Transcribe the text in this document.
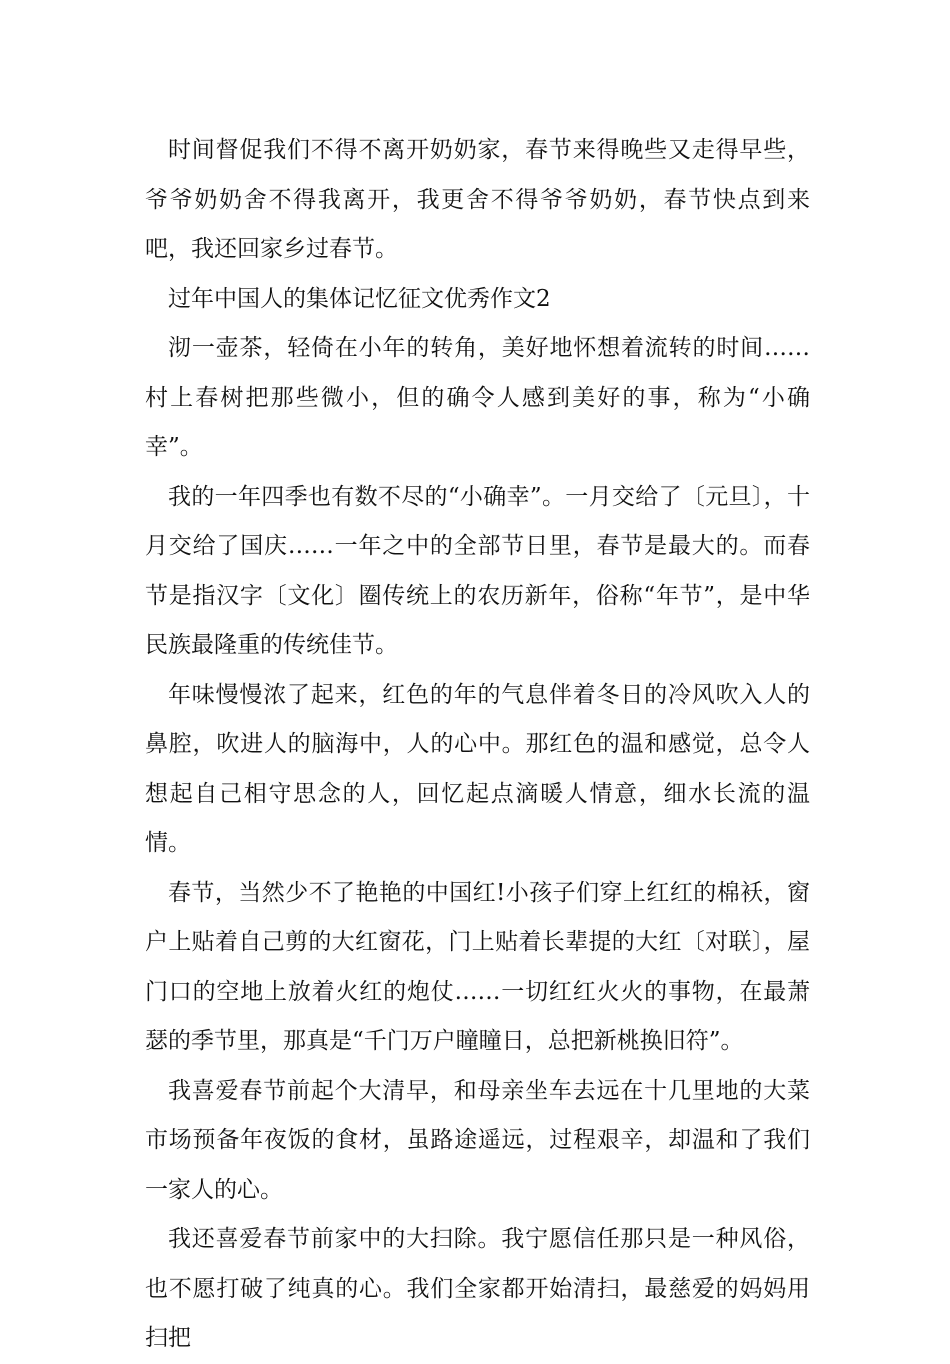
时间督促我们不得不离开奶奶家，春节来得晚些又走得早些，爷爷奶奶舍不得我离开，我更舍不得爷爷奶奶，春节快点到来吧，我还回家乡过春节。

过年中国人的集体记忆征文优秀作文2

沏一壶茶，轻倚在小年的转角，美好地怀想着流转的时间……村上春树把那些微小，但的确令人感到美好的事，称为“小确幸”。

我的一年四季也有数不尽的“小确幸”。一月交给了〔元旦〕，十月交给了国庆……一年之中的全部节日里，春节是最大的。而春节是指汉字〔文化〕圈传统上的农历新年，俗称“年节”，是中华民族最隆重的传统佳节。

年味慢慢浓了起来，红色的年的气息伴着冬日的冷风吹入人的鼻腔，吹进人的脑海中，人的心中。那红色的温和感觉，总令人想起自己相守思念的人，回忆起点滴暖人情意，细水长流的温情。

春节，当然少不了艳艳的中国红!小孩子们穿上红红的棉袄，窗户上贴着自己剪的大红窗花，门上贴着长辈提的大红〔对联〕，屋门口的空地上放着火红的炮仗……一切红红火火的事物，在最萧瑟的季节里，那真是“千门万户瞳瞳日，总把新桃换旧符”。

我喜爱春节前起个大清早，和母亲坐车去远在十几里地的大菜市场预备年夜饭的食材，虽路途遥远，过程艰辛，却温和了我们一家人的心。

我还喜爱春节前家中的大扫除。我宁愿信任那只是一种风俗，也不愿打破了纯真的心。我们全家都开始清扫，最慈爱的妈妈用扫把
